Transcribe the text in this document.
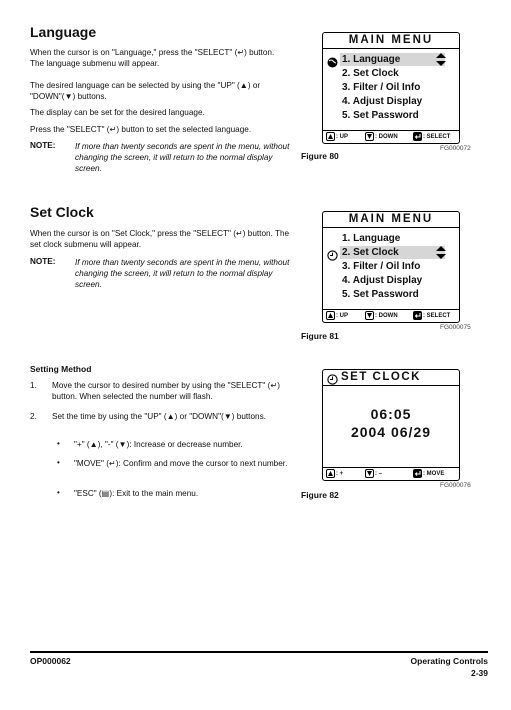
Language
When the cursor is on "Language," press the "SELECT" (↵) button. The language submenu will appear.
The desired language can be selected by using the "UP" (▲) or "DOWN"(▼) buttons.
The display can be set for the desired language.
Press the "SELECT" (↵) button to set the selected language.
NOTE: If more than twenty seconds are spent in the menu, without changing the screen, it will return to the normal display screen.
Figure 80
MAIN MENU
1. Language
2. Set Clock
3. Filter / Oil Info
4. Adjust Display
5. Set Password
: UP	: DOWN	: SELECT
FG000072
Set Clock
When the cursor is on "Set Clock," press the "SELECT" (↵) button. The set clock submenu will appear.
NOTE: If more than twenty seconds are spent in the menu, without changing the screen, it will return to the normal display screen.
Figure 81
MAIN MENU
1. Language
2. Set Clock
3. Filter / Oil Info
4. Adjust Display
5. Set Password
: UP	: DOWN	: SELECT
FG000075
Setting Method
1. Move the cursor to desired number by using the "SELECT" (↵) button. When selected the number will flash.
2. Set the time by using the "UP" (▲) or "DOWN"(▼) buttons.
• "+" (▲), "-" (▼): Increase or decrease number.
• "MOVE" (↵): Confirm and move the cursor to next number.
• "ESC" (▤): Exit to the main menu.	Figure 82
SET CLOCK
06:05
2004 06/29
: +	: –	: MOVE
FG000076
OP000062	Operating Controls
2-39
